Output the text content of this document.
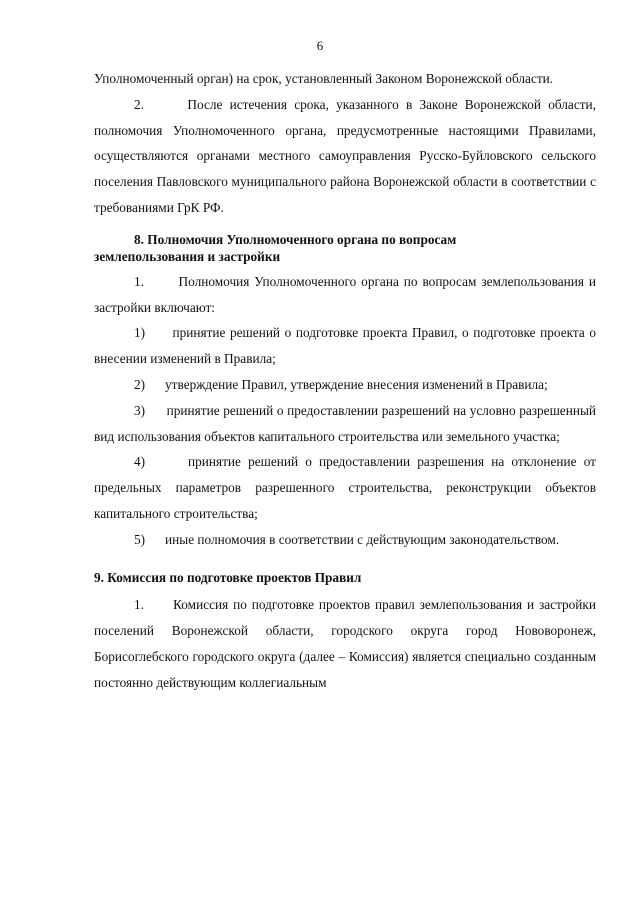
6

Уполномоченный орган) на срок, установленный Законом Воронежской области.

2.	После истечения срока, указанного в Законе Воронежской области, полномочия Уполномоченного органа, предусмотренные настоящими Правилами, осуществляются органами местного самоуправления Русско-Буйловского сельского поселения Павловского муниципального района Воронежской области в соответствии с требованиями ГрК РФ.

8. Полномочия Уполномоченного органа по вопросам
землепользования и застройки

1.	Полномочия Уполномоченного органа по вопросам землепользования и застройки включают:

1) принятие решений о подготовке проекта Правил, о подготовке проекта о внесении изменений в Правила;

2) утверждение Правил, утверждение внесения изменений в Правила;

3) принятие решений о предоставлении разрешений на условно разрешенный вид использования объектов капитального строительства или земельного участка;

4)	принятие решений о предоставлении разрешения на отклонение от предельных параметров разрешенного строительства, реконструкции объектов капитального строительства;

5) иные полномочия в соответствии с действующим законодательством.

9. Комиссия по подготовке проектов Правил

1. Комиссия по подготовке проектов правил землепользования и застройки поселений Воронежской области, городского округа город Нововоронеж, Борисоглебского городского округа (далее – Комиссия) является специально созданным постоянно действующим коллегиальным
